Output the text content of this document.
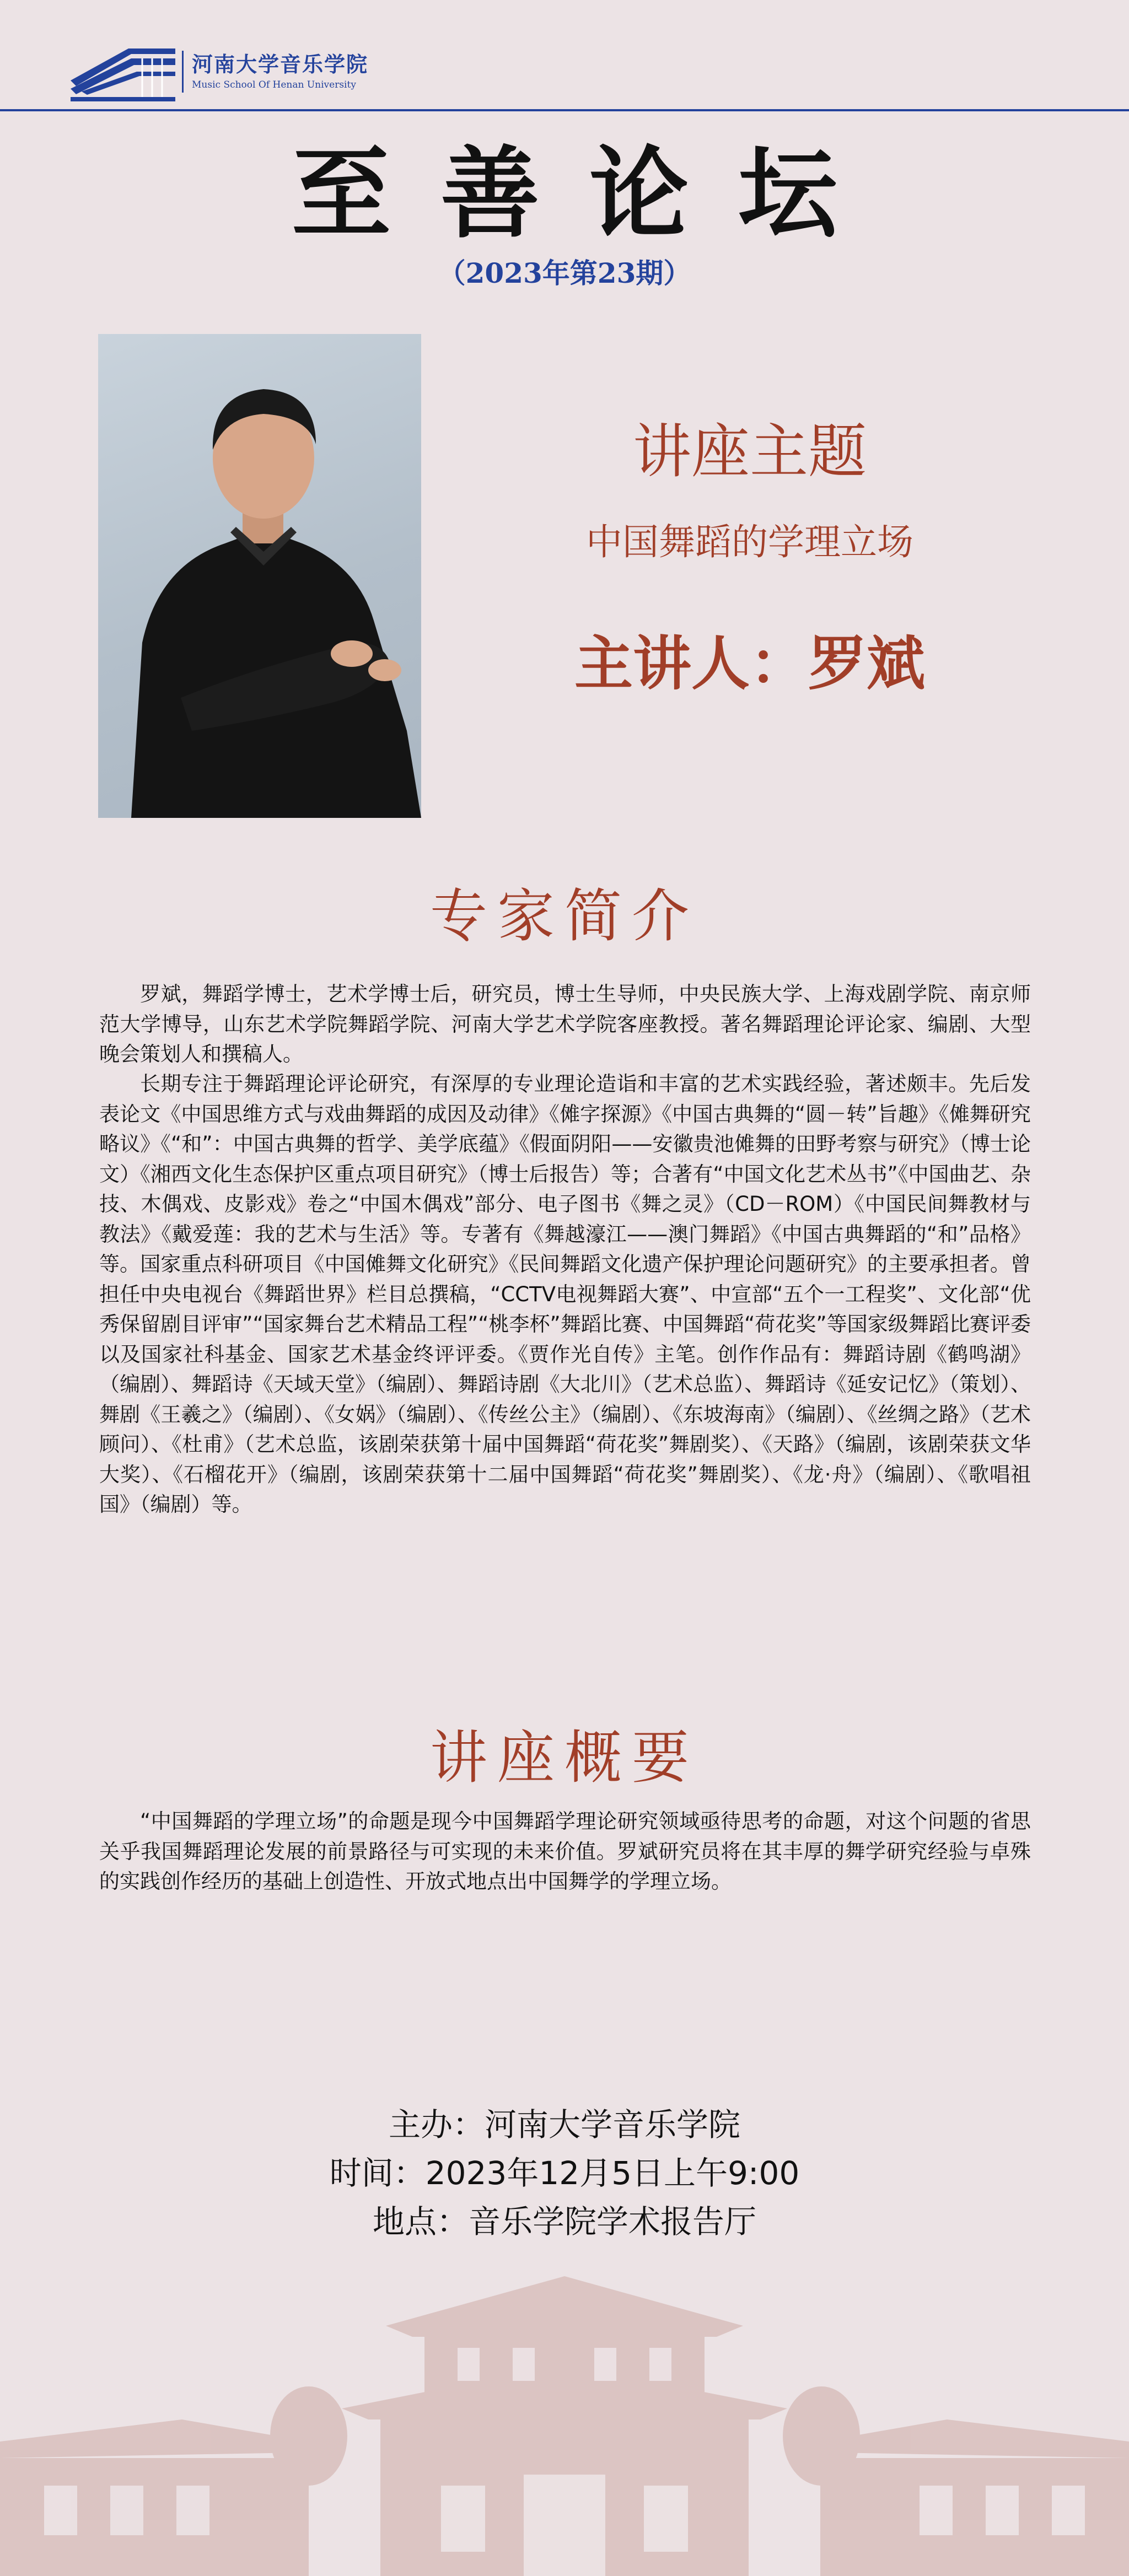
河南大学音乐学院
Music School Of Henan University
至善论坛
（2023年第23期）
讲座主题
中国舞蹈的学理立场
主讲人：罗斌
专家简介

罗斌，舞蹈学博士，艺术学博士后，研究员，博士生导师，中央民族大学、上海戏剧学院、南京师范大学博导，山东艺术学院舞蹈学院、河南大学艺术学院客座教授。著名舞蹈理论评论家、编剧、大型晚会策划人和撰稿人。

长期专注于舞蹈理论评论研究，有深厚的专业理论造诣和丰富的艺术实践经验，著述颇丰。先后发表论文《中国思维方式与戏曲舞蹈的成因及动律》《傩字探源》《中国古典舞的“圆－转”旨趣》《傩舞研究略议》《“和”：中国古典舞的哲学、美学底蕴》《假面阴阳——安徽贵池傩舞的田野考察与研究》（博士论文）《湘西文化生态保护区重点项目研究》（博士后报告）等；合著有“中国文化艺术丛书”《中国曲艺、杂技、木偶戏、皮影戏》卷之“中国木偶戏”部分、电子图书《舞之灵》（CD－ROM）《中国民间舞教材与教法》《戴爱莲：我的艺术与生活》等。专著有《舞越濠江——澳门舞蹈》《中国古典舞蹈的“和”品格》等。国家重点科研项目《中国傩舞文化研究》《民间舞蹈文化遗产保护理论问题研究》的主要承担者。曾担任中央电视台《舞蹈世界》栏目总撰稿，“CCTV电视舞蹈大赛”、中宣部“五个一工程奖”、文化部“优秀保留剧目评审”“国家舞台艺术精品工程”“桃李杯”舞蹈比赛、中国舞蹈“荷花奖”等国家级舞蹈比赛评委以及国家社科基金、国家艺术基金终评评委。《贾作光自传》主笔。创作作品有：舞蹈诗剧《鹤鸣湖》（编剧）、舞蹈诗《天域天堂》（编剧）、舞蹈诗剧《大北川》（艺术总监）、舞蹈诗《延安记忆》（策划）、舞剧《王羲之》（编剧）、《女娲》（编剧）、《传丝公主》（编剧）、《东坡海南》（编剧）、《丝绸之路》（艺术顾问）、《杜甫》（艺术总监，该剧荣获第十届中国舞蹈“荷花奖”舞剧奖）、《天路》（编剧，该剧荣获文华大奖）、《石榴花开》（编剧，该剧荣获第十二届中国舞蹈“荷花奖”舞剧奖）、《龙·舟》（编剧）、《歌唱祖国》（编剧）等。

讲座概要

“中国舞蹈的学理立场”的命题是现今中国舞蹈学理论研究领域亟待思考的命题，对这个问题的省思关乎我国舞蹈理论发展的前景路径与可实现的未来价值。罗斌研究员将在其丰厚的舞学研究经验与卓殊的实践创作经历的基础上创造性、开放式地点出中国舞学的学理立场。

主办：河南大学音乐学院
时间：2023年12月5日上午9:00
地点：音乐学院学术报告厅
